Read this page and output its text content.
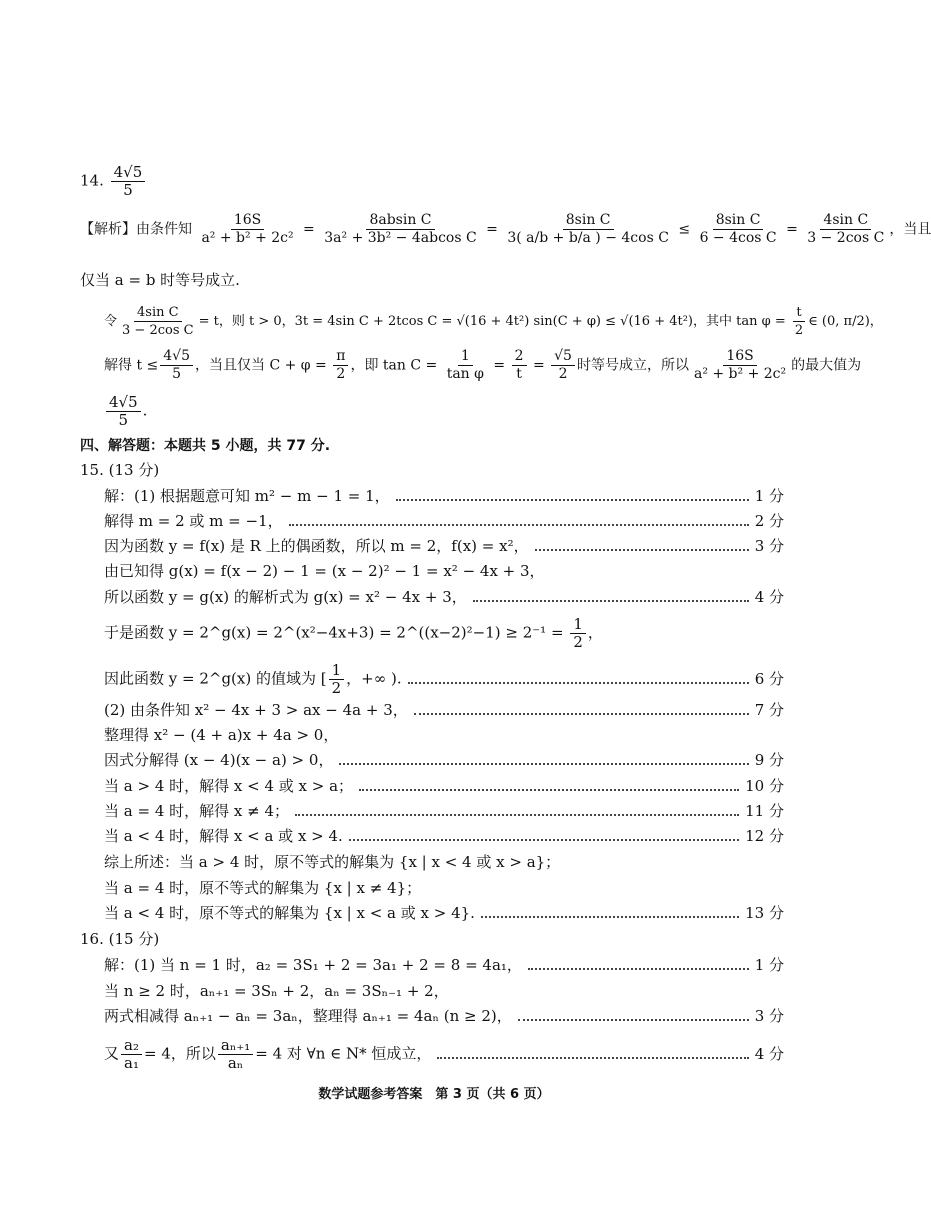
14. $\frac{4√5}{5}$
【解析】由条件知 $\frac{16S}{\text{a² + b² + 2c²}} = \frac{\text{8absin C}}{\text{3a² + 3b² − 4abcos C}} = \frac{\text{8sin C}}{\text{3( a/b + b/a ) − 4cos C}} \le \frac{\text{8sin C}}{\text{6 − 4cos C}} = \frac{\text{4sin C}}{\text{3 − 2cos C}}$ ，当且
仅当 a = b 时等号成立.
令 $\frac{\text{4sin C}}{\text{3 − 2cos C}} = t$，则 t > 0，3t = 4sin C + 2tcos C = √(16 + 4t²) sin(C + φ) ≤ √(16 + 4t²)，其中 $\tan \varphi = \frac{t}{2}$ ∈ (0, π/2)，
解得 $t \le \frac{4√5}{5}$ ，当且仅当 $C + \varphi = \frac{\pi}{2}$ ，即 $\tan C = \frac{1}{\text{tan φ}} = \frac{2}{t} = \frac{√5}{2}$ 时等号成立，所以 $\frac{16S}{\text{a² + b² + 2c²}}$ 的最大值为
$\frac{4√5}{5}$ .
四、解答题：本题共 5 小题，共 77 分.
15. (13 分)
解：(1) 根据题意可知 m² − m − 1 = 1，	1 分
解得 m = 2 或 m = −1，	2 分
因为函数 y = f(x) 是 R 上的偶函数，所以 m = 2，f(x) = x²，	3 分
由已知得 g(x) = f(x − 2) − 1 = (x − 2)² − 1 = x² − 4x + 3，
所以函数 y = g(x) 的解析式为 g(x) = x² − 4x + 3，	4 分
于是函数 y = 2^g(x) = 2^(x²−4x+3) = 2^((x−2)²−1) ≥ $2^{-1} = \frac{1}{2}$ ，
因此函数 y = 2^g(x) 的值域为 [ $\frac{1}{2}$ ，+∞ ).	6 分
(2) 由条件知 x² − 4x + 3 > ax − 4a + 3，	7 分
整理得 x² − (4 + a)x + 4a > 0，
因式分解得 (x − 4)(x − a) > 0，	9 分
当 a > 4 时，解得 x < 4 或 x > a；	10 分
当 a = 4 时，解得 x ≠ 4；	11 分
当 a < 4 时，解得 x < a 或 x > 4.	12 分
综上所述：当 a > 4 时，原不等式的解集为 {x | x < 4 或 x > a}；
当 a = 4 时，原不等式的解集为 {x | x ≠ 4}；
当 a < 4 时，原不等式的解集为 {x | x < a 或 x > 4}.	13 分
16. (15 分)
解：(1) 当 n = 1 时，a₂ = 3S₁ + 2 = 3a₁ + 2 = 8 = 4a₁，	1 分
当 n ≥ 2 时，aₙ₊₁ = 3Sₙ + 2，aₙ = 3Sₙ₋₁ + 2，
两式相减得 aₙ₊₁ − aₙ = 3aₙ，整理得 aₙ₊₁ = 4aₙ (n ≥ 2)，	3 分
又 $\frac{\text{a₂}}{\text{a₁}} = 4$，所以 $\frac{\text{aₙ₊₁}}{\text{aₙ}} = 4$ 对 ∀n ∈ N* 恒成立，	4 分
数学试题参考答案　第 3 页（共 6 页）
